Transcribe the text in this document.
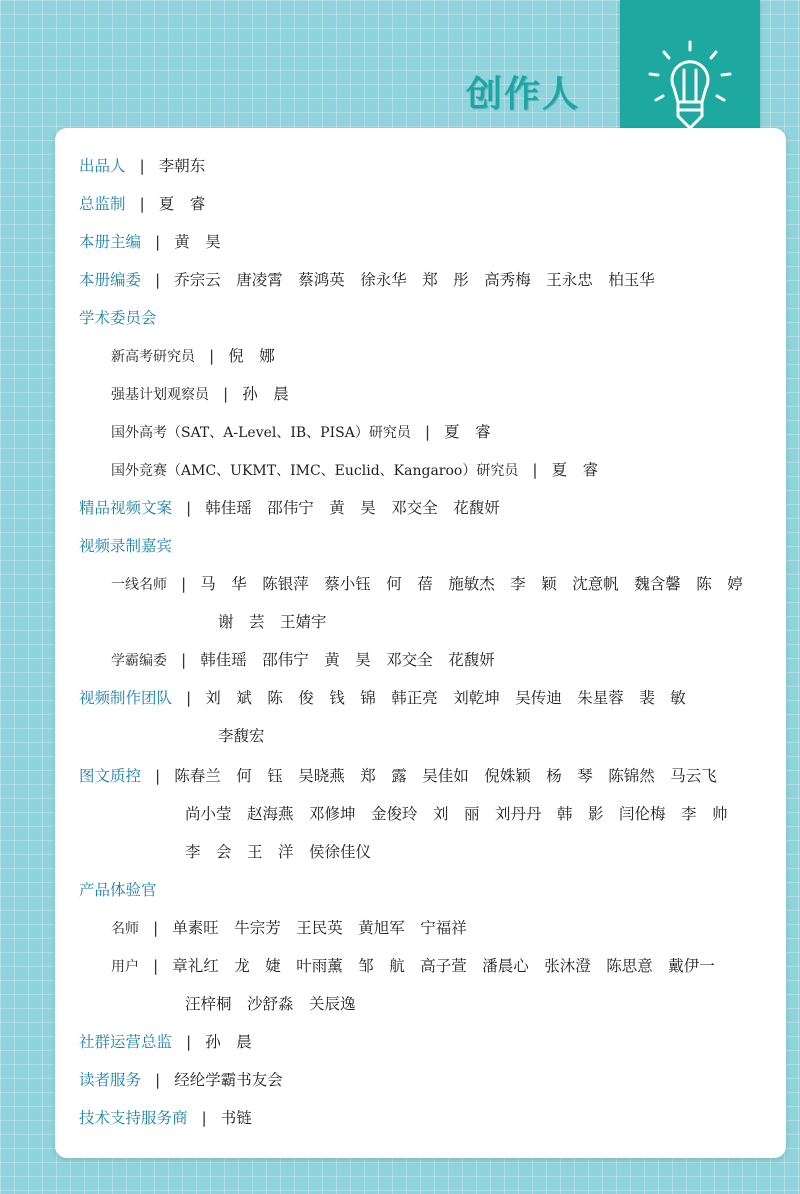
创作人
出品人 | 李朝东
总监制 | 夏　睿
本册主编 | 黄　昊
本册编委 | 乔宗云　唐凌霄　蔡鸿英　徐永华　郑　彤　高秀梅　王永忠　柏玉华
学术委员会
新高考研究员 | 倪　娜
强基计划观察员 | 孙　晨
国外高考（SAT、A-Level、IB、PISA）研究员 | 夏　睿
国外竞赛（AMC、UKMT、IMC、Euclid、Kangaroo）研究员 | 夏　睿
精品视频文案 | 韩佳瑶　邵伟宁　黄　昊　邓交全　花馥妍
视频录制嘉宾
一线名师 | 马　华　陈银萍　蔡小钰　何　蓓　施敏杰　李　颖　沈意帆　魏含馨　陈　婷
谢　芸　王婧宇
学霸编委 | 韩佳瑶　邵伟宁　黄　昊　邓交全　花馥妍
视频制作团队 | 刘　斌　陈　俊　钱　锦　韩正亮　刘乾坤　吴传迪　朱星蓉　裴　敏
李馥宏
图文质控 | 陈春兰　何　钰　吴晓燕　郑　露　吴佳如　倪姝颖　杨　琴　陈锦然　马云飞
尚小莹　赵海燕　邓修坤　金俊玲　刘　丽　刘丹丹　韩　影　闫伦梅　李　帅
李　会　王　洋　侯徐佳仪
产品体验官
名师 | 单素旺　牛宗芳　王民英　黄旭军　宁福祥
用户 | 章礼红　龙　婕　叶雨薰　邹　航　高子萱　潘晨心　张沐澄　陈思意　戴伊一
汪梓桐　沙舒淼　关辰逸
社群运营总监 | 孙　晨
读者服务 | 经纶学霸书友会
技术支持服务商 | 书链
